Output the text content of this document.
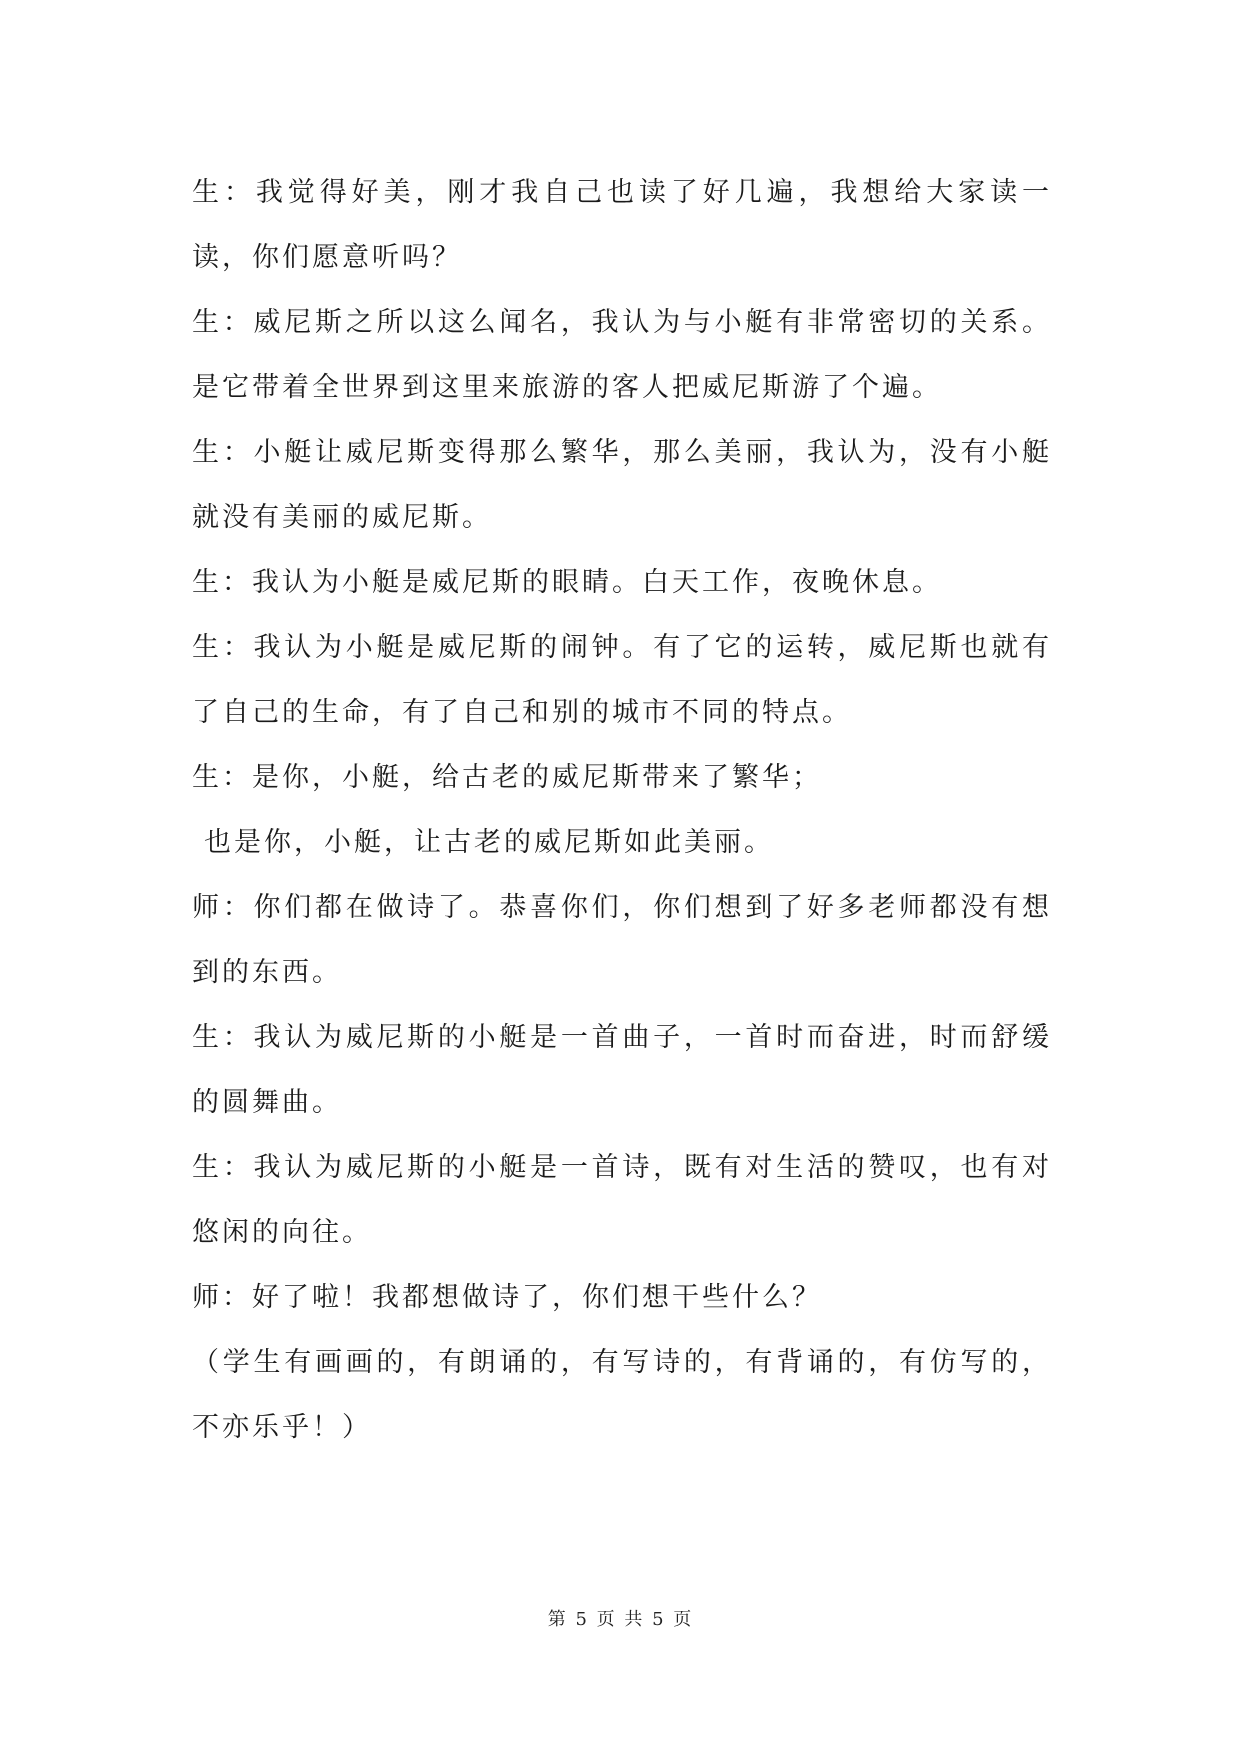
生：我觉得好美，刚才我自己也读了好几遍，我想给大家读一读，你们愿意听吗？

生：威尼斯之所以这么闻名，我认为与小艇有非常密切的关系。是它带着全世界到这里来旅游的客人把威尼斯游了个遍。

生：小艇让威尼斯变得那么繁华，那么美丽，我认为，没有小艇就没有美丽的威尼斯。

生：我认为小艇是威尼斯的眼睛。白天工作，夜晚休息。

生：我认为小艇是威尼斯的闹钟。有了它的运转，威尼斯也就有了自己的生命，有了自己和别的城市不同的特点。

生：是你，小艇，给古老的威尼斯带来了繁华；

也是你，小艇，让古老的威尼斯如此美丽。

师：你们都在做诗了。恭喜你们，你们想到了好多老师都没有想到的东西。

生：我认为威尼斯的小艇是一首曲子，一首时而奋进，时而舒缓的圆舞曲。

生：我认为威尼斯的小艇是一首诗，既有对生活的赞叹，也有对悠闲的向往。

师：好了啦！我都想做诗了，你们想干些什么？

（学生有画画的，有朗诵的，有写诗的，有背诵的，有仿写的，不亦乐乎！）

第 5 页 共 5 页
